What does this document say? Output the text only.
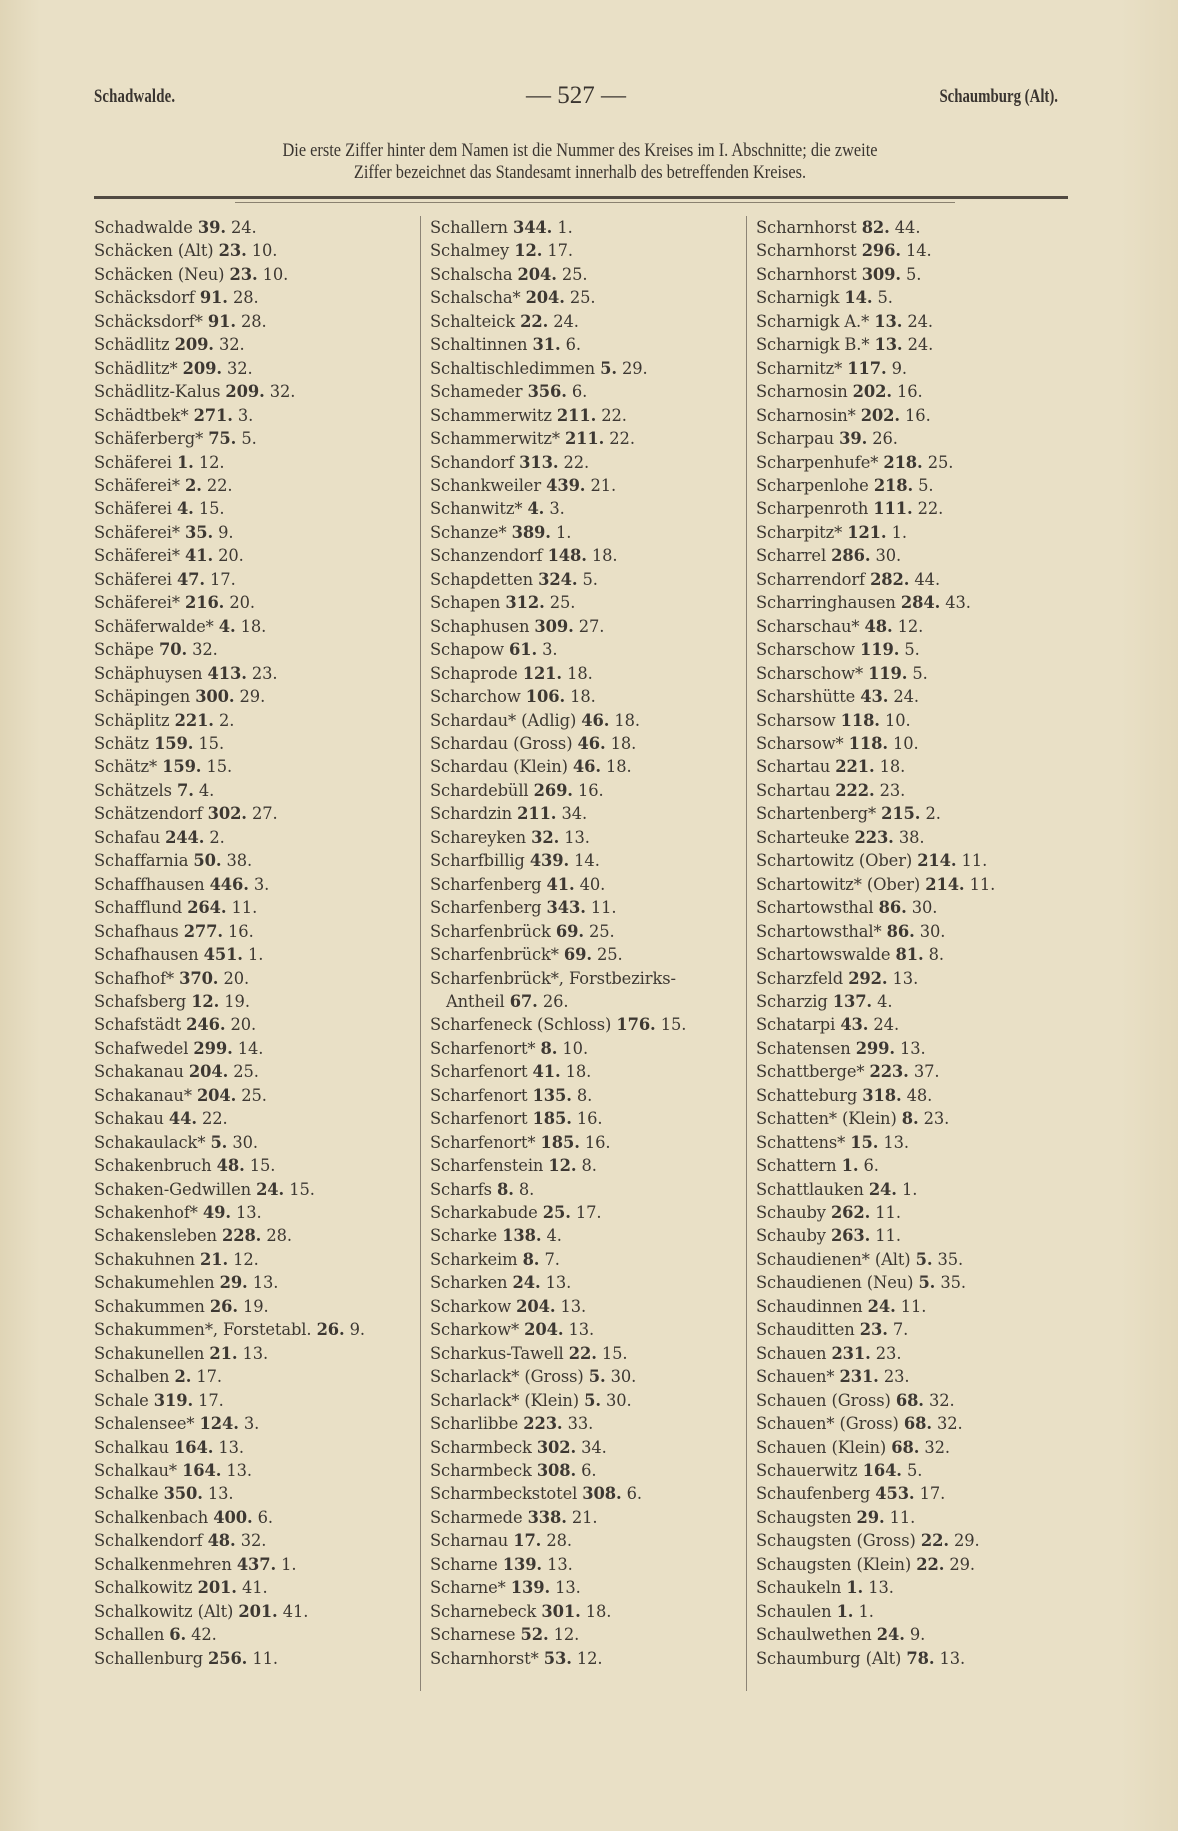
Schadwalde.	— 527 —	Schaumburg (Alt).
Die erste Ziffer hinter dem Namen ist die Nummer des Kreises im I. Abschnitte; die zweite
Ziffer bezeichnet das Standesamt innerhalb des betreffenden Kreises.
Schadwalde 39. 24.
Schäcken (Alt) 23. 10.
Schäcken (Neu) 23. 10.
Schäcksdorf 91. 28.
Schäcksdorf* 91. 28.
Schädlitz 209. 32.
Schädlitz* 209. 32.
Schädlitz-Kalus 209. 32.
Schädtbek* 271. 3.
Schäferberg* 75. 5.
Schäferei 1. 12.
Schäferei* 2. 22.
Schäferei 4. 15.
Schäferei* 35. 9.
Schäferei* 41. 20.
Schäferei 47. 17.
Schäferei* 216. 20.
Schäferwalde* 4. 18.
Schäpe 70. 32.
Schäphuysen 413. 23.
Schäpingen 300. 29.
Schäplitz 221. 2.
Schätz 159. 15.
Schätz* 159. 15.
Schätzels 7. 4.
Schätzendorf 302. 27.
Schafau 244. 2.
Schaffarnia 50. 38.
Schaffhausen 446. 3.
Schafflund 264. 11.
Schafhaus 277. 16.
Schafhausen 451. 1.
Schafhof* 370. 20.
Schafsberg 12. 19.
Schafstädt 246. 20.
Schafwedel 299. 14.
Schakanau 204. 25.
Schakanau* 204. 25.
Schakau 44. 22.
Schakaulack* 5. 30.
Schakenbruch 48. 15.
Schaken-Gedwillen 24. 15.
Schakenhof* 49. 13.
Schakensleben 228. 28.
Schakuhnen 21. 12.
Schakumehlen 29. 13.
Schakummen 26. 19.
Schakummen*, Forstetabl. 26. 9.
Schakunellen 21. 13.
Schalben 2. 17.
Schale 319. 17.
Schalensee* 124. 3.
Schalkau 164. 13.
Schalkau* 164. 13.
Schalke 350. 13.
Schalkenbach 400. 6.
Schalkendorf 48. 32.
Schalkenmehren 437. 1.
Schalkowitz 201. 41.
Schalkowitz (Alt) 201. 41.
Schallen 6. 42.
Schallenburg 256. 11.
Schallern 344. 1.
Schalmey 12. 17.
Schalscha 204. 25.
Schalscha* 204. 25.
Schalteick 22. 24.
Schaltinnen 31. 6.
Schaltischledimmen 5. 29.
Schameder 356. 6.
Schammerwitz 211. 22.
Schammerwitz* 211. 22.
Schandorf 313. 22.
Schankweiler 439. 21.
Schanwitz* 4. 3.
Schanze* 389. 1.
Schanzendorf 148. 18.
Schapdetten 324. 5.
Schapen 312. 25.
Schaphusen 309. 27.
Schapow 61. 3.
Schaprode 121. 18.
Scharchow 106. 18.
Schardau* (Adlig) 46. 18.
Schardau (Gross) 46. 18.
Schardau (Klein) 46. 18.
Schardebüll 269. 16.
Schardzin 211. 34.
Schareyken 32. 13.
Scharfbillig 439. 14.
Scharfenberg 41. 40.
Scharfenberg 343. 11.
Scharfenbrück 69. 25.
Scharfenbrück* 69. 25.
Scharfenbrück*, Forstbezirks-
Antheil 67. 26.
Scharfeneck (Schloss) 176. 15.
Scharfenort* 8. 10.
Scharfenort 41. 18.
Scharfenort 135. 8.
Scharfenort 185. 16.
Scharfenort* 185. 16.
Scharfenstein 12. 8.
Scharfs 8. 8.
Scharkabude 25. 17.
Scharke 138. 4.
Scharkeim 8. 7.
Scharken 24. 13.
Scharkow 204. 13.
Scharkow* 204. 13.
Scharkus-Tawell 22. 15.
Scharlack* (Gross) 5. 30.
Scharlack* (Klein) 5. 30.
Scharlibbe 223. 33.
Scharmbeck 302. 34.
Scharmbeck 308. 6.
Scharmbeckstotel 308. 6.
Scharmede 338. 21.
Scharnau 17. 28.
Scharne 139. 13.
Scharne* 139. 13.
Scharnebeck 301. 18.
Scharnese 52. 12.
Scharnhorst* 53. 12.
Scharnhorst 82. 44.
Scharnhorst 296. 14.
Scharnhorst 309. 5.
Scharnigk 14. 5.
Scharnigk A.* 13. 24.
Scharnigk B.* 13. 24.
Scharnitz* 117. 9.
Scharnosin 202. 16.
Scharnosin* 202. 16.
Scharpau 39. 26.
Scharpenhufe* 218. 25.
Scharpenlohe 218. 5.
Scharpenroth 111. 22.
Scharpitz* 121. 1.
Scharrel 286. 30.
Scharrendorf 282. 44.
Scharringhausen 284. 43.
Scharschau* 48. 12.
Scharschow 119. 5.
Scharschow* 119. 5.
Scharshütte 43. 24.
Scharsow 118. 10.
Scharsow* 118. 10.
Schartau 221. 18.
Schartau 222. 23.
Schartenberg* 215. 2.
Scharteuke 223. 38.
Schartowitz (Ober) 214. 11.
Schartowitz* (Ober) 214. 11.
Schartowsthal 86. 30.
Schartowsthal* 86. 30.
Schartowswalde 81. 8.
Scharzfeld 292. 13.
Scharzig 137. 4.
Schatarpi 43. 24.
Schatensen 299. 13.
Schattberge* 223. 37.
Schatteburg 318. 48.
Schatten* (Klein) 8. 23.
Schattens* 15. 13.
Schattern 1. 6.
Schattlauken 24. 1.
Schauby 262. 11.
Schauby 263. 11.
Schaudienen* (Alt) 5. 35.
Schaudienen (Neu) 5. 35.
Schaudinnen 24. 11.
Schauditten 23. 7.
Schauen 231. 23.
Schauen* 231. 23.
Schauen (Gross) 68. 32.
Schauen* (Gross) 68. 32.
Schauen (Klein) 68. 32.
Schauerwitz 164. 5.
Schaufenberg 453. 17.
Schaugsten 29. 11.
Schaugsten (Gross) 22. 29.
Schaugsten (Klein) 22. 29.
Schaukeln 1. 13.
Schaulen 1. 1.
Schaulwethen 24. 9.
Schaumburg (Alt) 78. 13.
